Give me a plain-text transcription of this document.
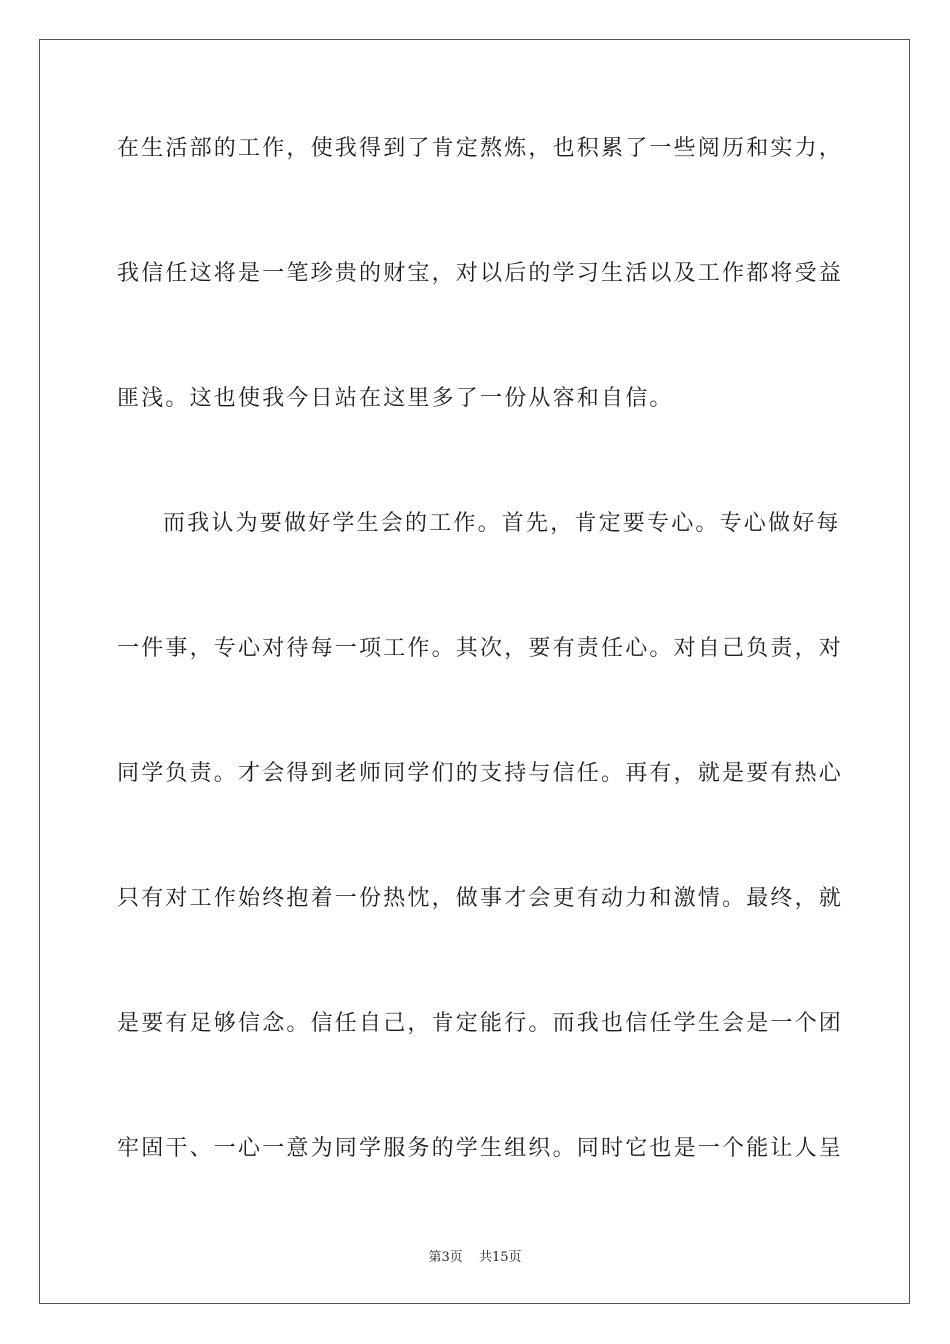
在生活部的工作，使我得到了肯定熬炼，也积累了一些阅历和实力，
我信任这将是一笔珍贵的财宝，对以后的学习生活以及工作都将受益
匪浅。这也使我今日站在这里多了一份从容和自信。
而我认为要做好学生会的工作。首先，肯定要专心。专心做好每
一件事，专心对待每一项工作。其次，要有责任心。对自己负责，对
同学负责。才会得到老师同学们的支持与信任。再有，就是要有热心
只有对工作始终抱着一份热忱，做事才会更有动力和激情。最终，就
是要有足够信念。信任自己，肯定能行。而我也信任学生会是一个团
牢固干、一心一意为同学服务的学生组织。同时它也是一个能让人呈
第3页 共15页
